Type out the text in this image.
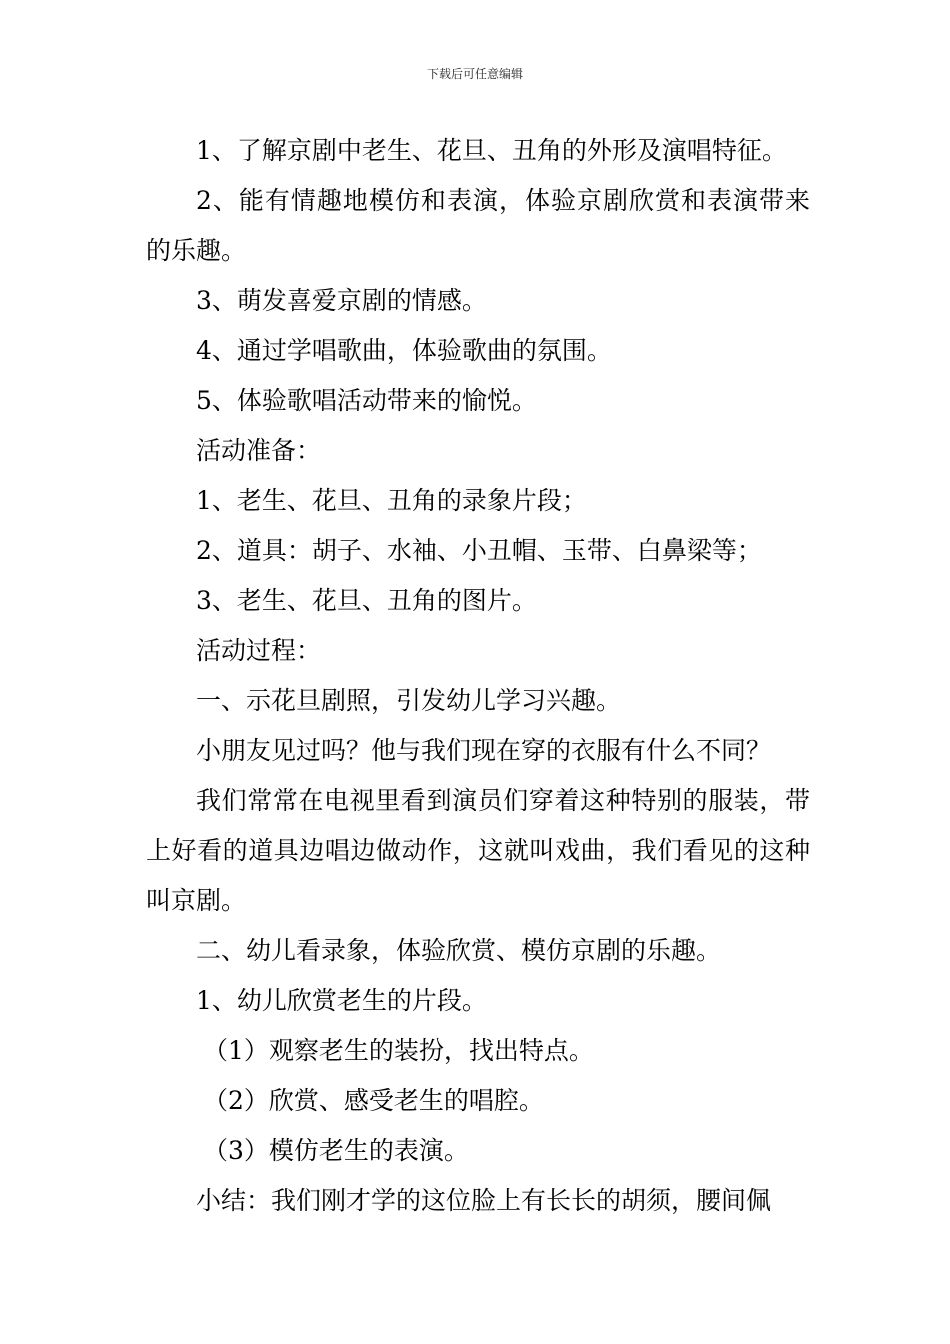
下载后可任意编辑

1、了解京剧中老生、花旦、丑角的外形及演唱特征。

2、能有情趣地模仿和表演，体验京剧欣赏和表演带来的乐趣。

3、萌发喜爱京剧的情感。

4、通过学唱歌曲，体验歌曲的氛围。

5、体验歌唱活动带来的愉悦。

活动准备：

1、老生、花旦、丑角的录象片段；

2、道具：胡子、水袖、小丑帽、玉带、白鼻梁等；

3、老生、花旦、丑角的图片。

活动过程：

一、示花旦剧照，引发幼儿学习兴趣。

小朋友见过吗？他与我们现在穿的衣服有什么不同？

我们常常在电视里看到演员们穿着这种特别的服装，带上好看的道具边唱边做动作，这就叫戏曲，我们看见的这种叫京剧。

二、幼儿看录象，体验欣赏、模仿京剧的乐趣。

1、幼儿欣赏老生的片段。

（1）观察老生的装扮，找出特点。

（2）欣赏、感受老生的唱腔。

（3）模仿老生的表演。

小结：我们刚才学的这位脸上有长长的胡须，腰间佩
